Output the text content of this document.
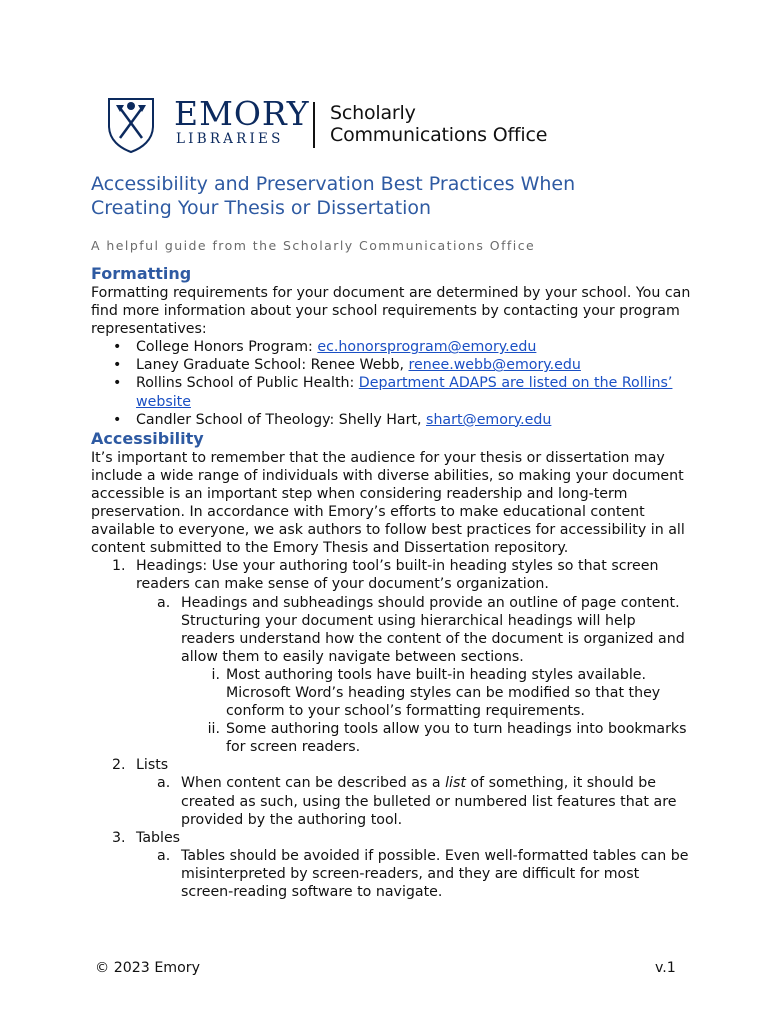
EMORY
LIBRARIES
Scholarly
Communications Office
Accessibility and Preservation Best Practices When
Creating Your Thesis or Dissertation
A helpful guide from the Scholarly Communications Office
Formatting

Formatting requirements for your document are determined by your school. You can find more information about your school requirements by contacting your program representatives:

• College Honors Program: ec.honorsprogram@emory.edu
• Laney Graduate School: Renee Webb, renee.webb@emory.edu
• Rollins School of Public Health: Department ADAPS are listed on the Rollins’ website
• Candler School of Theology: Shelly Hart, shart@emory.edu
Accessibility

It’s important to remember that the audience for your thesis or dissertation may include a wide range of individuals with diverse abilities, so making your document accessible is an important step when considering readership and long-term preservation. In accordance with Emory’s efforts to make educational content available to everyone, we ask authors to follow best practices for accessibility in all content submitted to the Emory Thesis and Dissertation repository.

1. Headings: Use your authoring tool’s built-in heading styles so that screen readers can make sense of your document’s organization.
a. Headings and subheadings should provide an outline of page content. Structuring your document using hierarchical headings will help readers understand how the content of the document is organized and allow them to easily navigate between sections.
i. Most authoring tools have built-in heading styles available. Microsoft Word’s heading styles can be modified so that they conform to your school’s formatting requirements.
ii. Some authoring tools allow you to turn headings into bookmarks for screen readers.
2. Lists
a. When content can be described as a list of something, it should be created as such, using the bulleted or numbered list features that are provided by the authoring tool.
3. Tables
a. Tables should be avoided if possible. Even well-formatted tables can be misinterpreted by screen-readers, and they are difficult for most screen-reading software to navigate.
© 2023 Emory	v.1
